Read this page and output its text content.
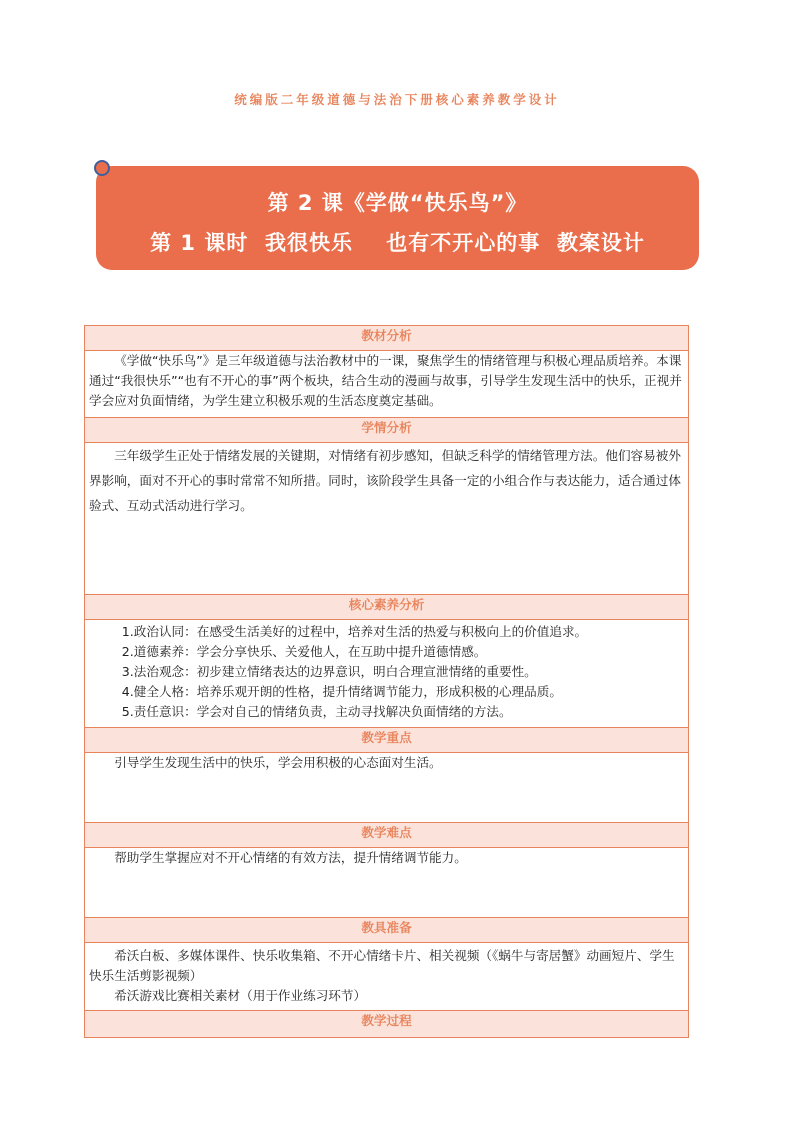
统编版二年级道德与法治下册核心素养教学设计
第 2 课《学做“快乐鸟”》
第 1 课时  我很快乐    也有不开心的事  教案设计
教材分析

《学做“快乐鸟”》是三年级道德与法治教材中的一课，聚焦学生的情绪管理与积极心理品质培养。本课通过“我很快乐”“也有不开心的事”两个板块，结合生动的漫画与故事，引导学生发现生活中的快乐，正视并学会应对负面情绪，为学生建立积极乐观的生活态度奠定基础。

学情分析

三年级学生正处于情绪发展的关键期，对情绪有初步感知，但缺乏科学的情绪管理方法。他们容易被外界影响，面对不开心的事时常常不知所措。同时，该阶段学生具备一定的小组合作与表达能力，适合通过体验式、互动式活动进行学习。

核心素养分析

1.政治认同：在感受生活美好的过程中，培养对生活的热爱与积极向上的价值追求。

2.道德素养：学会分享快乐、关爱他人，在互助中提升道德情感。

3.法治观念：初步建立情绪表达的边界意识，明白合理宣泄情绪的重要性。

4.健全人格：培养乐观开朗的性格，提升情绪调节能力，形成积极的心理品质。

5.责任意识：学会对自己的情绪负责，主动寻找解决负面情绪的方法。

教学重点

引导学生发现生活中的快乐，学会用积极的心态面对生活。

教学难点

帮助学生掌握应对不开心情绪的有效方法，提升情绪调节能力。

教具准备

希沃白板、多媒体课件、快乐收集箱、不开心情绪卡片、相关视频（《蜗牛与寄居蟹》动画短片、学生快乐生活剪影视频）

希沃游戏比赛相关素材（用于作业练习环节）

教学过程
